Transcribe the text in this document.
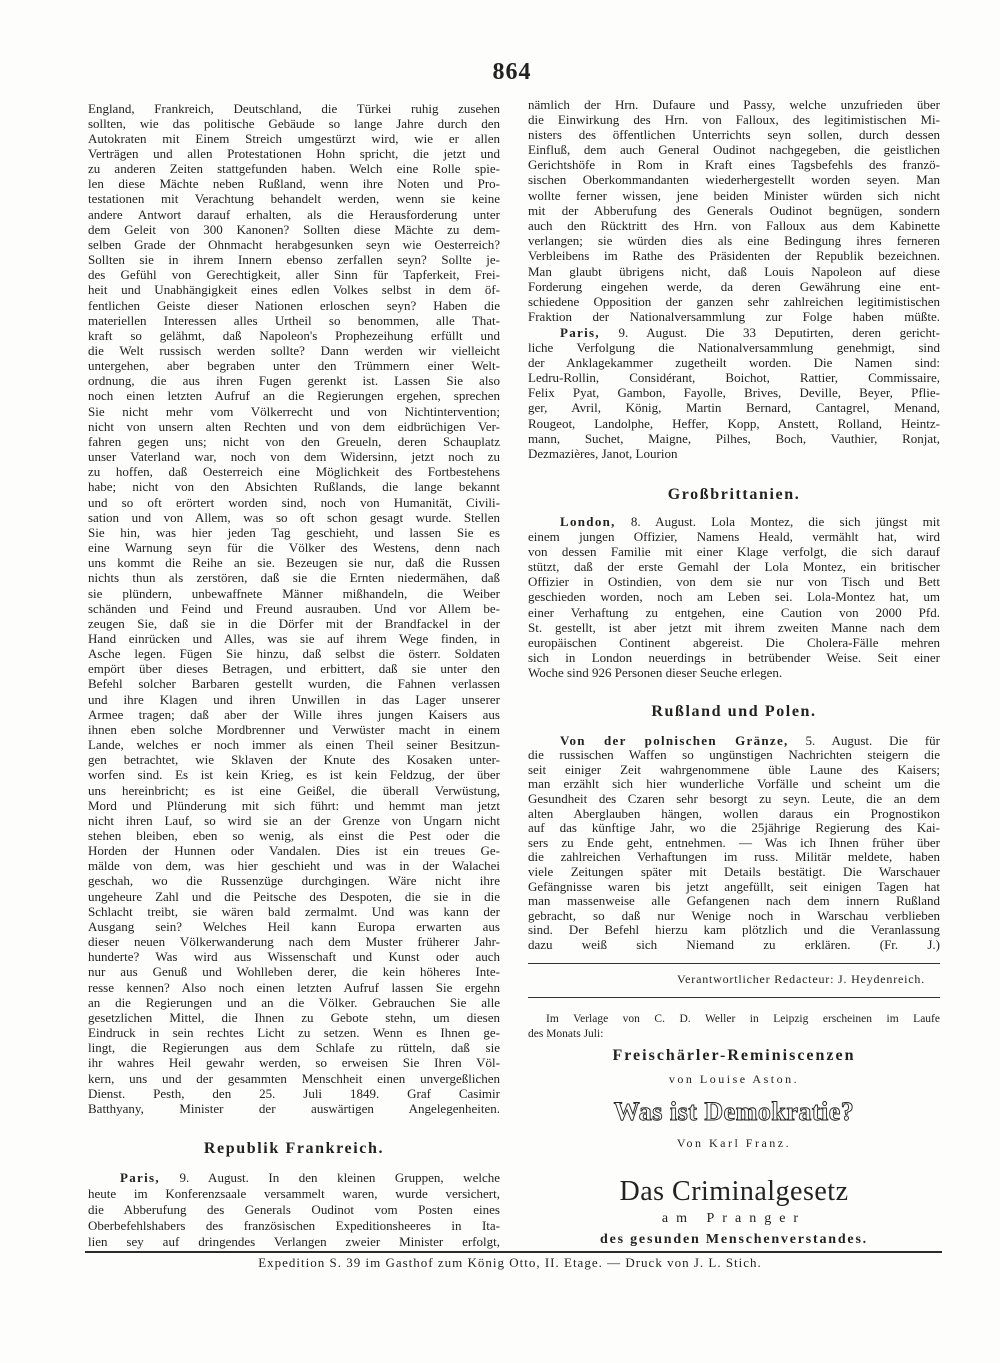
864
England, Frankreich, Deutschland, die Türkei ruhig zusehen
sollten, wie das politische Gebäude so lange Jahre durch den
Autokraten mit Einem Streich umgestürzt wird, wie er allen
Verträgen und allen Protestationen Hohn spricht, die jetzt und
zu anderen Zeiten stattgefunden haben. Welch eine Rolle spie-
len diese Mächte neben Rußland, wenn ihre Noten und Pro-
testationen mit Verachtung behandelt werden, wenn sie keine
andere Antwort darauf erhalten, als die Herausforderung unter
dem Geleit von 300 Kanonen? Sollten diese Mächte zu dem-
selben Grade der Ohnmacht herabgesunken seyn wie Oesterreich?
Sollten sie in ihrem Innern ebenso zerfallen seyn? Sollte je-
des Gefühl von Gerechtigkeit, aller Sinn für Tapferkeit, Frei-
heit und Unabhängigkeit eines edlen Volkes selbst in dem öf-
fentlichen Geiste dieser Nationen erloschen seyn? Haben die
materiellen Interessen alles Urtheil so benommen, alle That-
kraft so gelähmt, daß Napoleon's Prophezeihung erfüllt und
die Welt russisch werden sollte? Dann werden wir vielleicht
untergehen, aber begraben unter den Trümmern einer Welt-
ordnung, die aus ihren Fugen gerenkt ist. Lassen Sie also
noch einen letzten Aufruf an die Regierungen ergehen, sprechen
Sie nicht mehr vom Völkerrecht und von Nichtintervention;
nicht von unsern alten Rechten und von dem eidbrüchigen Ver-
fahren gegen uns; nicht von den Greueln, deren Schauplatz
unser Vaterland war, noch von dem Widersinn, jetzt noch zu
zu hoffen, daß Oesterreich eine Möglichkeit des Fortbestehens
habe; nicht von den Absichten Rußlands, die lange bekannt
und so oft erörtert worden sind, noch von Humanität, Civili-
sation und von Allem, was so oft schon gesagt wurde. Stellen
Sie hin, was hier jeden Tag geschieht, und lassen Sie es
eine Warnung seyn für die Völker des Westens, denn nach
uns kommt die Reihe an sie. Bezeugen sie nur, daß die Russen
nichts thun als zerstören, daß sie die Ernten niedermähen, daß
sie plündern, unbewaffnete Männer mißhandeln, die Weiber
schänden und Feind und Freund ausrauben. Und vor Allem be-
zeugen Sie, daß sie in die Dörfer mit der Brandfackel in der
Hand einrücken und Alles, was sie auf ihrem Wege finden, in
Asche legen. Fügen Sie hinzu, daß selbst die österr. Soldaten
empört über dieses Betragen, und erbittert, daß sie unter den
Befehl solcher Barbaren gestellt wurden, die Fahnen verlassen
und ihre Klagen und ihren Unwillen in das Lager unserer
Armee tragen; daß aber der Wille ihres jungen Kaisers aus
ihnen eben solche Mordbrenner und Verwüster macht in einem
Lande, welches er noch immer als einen Theil seiner Besitzun-
gen betrachtet, wie Sklaven der Knute des Kosaken unter-
worfen sind. Es ist kein Krieg, es ist kein Feldzug, der über
uns hereinbricht; es ist eine Geißel, die überall Verwüstung,
Mord und Plünderung mit sich führt: und hemmt man jetzt
nicht ihren Lauf, so wird sie an der Grenze von Ungarn nicht
stehen bleiben, eben so wenig, als einst die Pest oder die
Horden der Hunnen oder Vandalen. Dies ist ein treues Ge-
mälde von dem, was hier geschieht und was in der Walachei
geschah, wo die Russenzüge durchgingen. Wäre nicht ihre
ungeheure Zahl und die Peitsche des Despoten, die sie in die
Schlacht treibt, sie wären bald zermalmt. Und was kann der
Ausgang sein? Welches Heil kann Europa erwarten aus
dieser neuen Völkerwanderung nach dem Muster früherer Jahr-
hunderte? Was wird aus Wissenschaft und Kunst oder auch
nur aus Genuß und Wohlleben derer, die kein höheres Inte-
resse kennen? Also noch einen letzten Aufruf lassen Sie ergehn
an die Regierungen und an die Völker. Gebrauchen Sie alle
gesetzlichen Mittel, die Ihnen zu Gebote stehn, um diesen
Eindruck in sein rechtes Licht zu setzen. Wenn es Ihnen ge-
lingt, die Regierungen aus dem Schlafe zu rütteln, daß sie
ihr wahres Heil gewahr werden, so erweisen Sie Ihren Völ-
kern, uns und der gesammten Menschheit einen unvergeßlichen
Dienst. Pesth, den 25. Juli 1849. Graf Casimir
Batthyany, Minister der auswärtigen Angelegenheiten.
Republik Frankreich.
Paris, 9. August. In den kleinen Gruppen, welche
heute im Konferenzsaale versammelt waren, wurde versichert,
die Abberufung des Generals Oudinot vom Posten eines
Oberbefehlshabers des französischen Expeditionsheeres in Ita-
lien sey auf dringendes Verlangen zweier Minister erfolgt,
nämlich der Hrn. Dufaure und Passy, welche unzufrieden über
die Einwirkung des Hrn. von Falloux, des legitimistischen Mi-
nisters des öffentlichen Unterrichts seyn sollen, durch dessen
Einfluß, dem auch General Oudinot nachgegeben, die geistlichen
Gerichtshöfe in Rom in Kraft eines Tagsbefehls des franzö-
sischen Oberkommandanten wiederhergestellt worden seyen. Man
wollte ferner wissen, jene beiden Minister würden sich nicht
mit der Abberufung des Generals Oudinot begnügen, sondern
auch den Rücktritt des Hrn. von Falloux aus dem Kabinette
verlangen; sie würden dies als eine Bedingung ihres ferneren
Verbleibens im Rathe des Präsidenten der Republik bezeichnen.
Man glaubt übrigens nicht, daß Louis Napoleon auf diese
Forderung eingehen werde, da deren Gewährung eine ent-
schiedene Opposition der ganzen sehr zahlreichen legitimistischen
Fraktion der Nationalversammlung zur Folge haben müßte.
Paris, 9. August. Die 33 Deputirten, deren gericht-
liche Verfolgung die Nationalversammlung genehmigt, sind
der Anklagekammer zugetheilt worden. Die Namen sind:
Ledru-Rollin, Considérant, Boichot, Rattier, Commissaire,
Felix Pyat, Gambon, Fayolle, Brives, Deville, Beyer, Pflie-
ger, Avril, König, Martin Bernard, Cantagrel, Menand,
Rougeot, Landolphe, Heffer, Kopp, Anstett, Rolland, Heintz-
mann, Suchet, Maigne, Pilhes, Boch, Vauthier, Ronjat,
Dezmazières, Janot, Lourion
Großbrittanien.
London, 8. August. Lola Montez, die sich jüngst mit
einem jungen Offizier, Namens Heald, vermählt hat, wird
von dessen Familie mit einer Klage verfolgt, die sich darauf
stützt, daß der erste Gemahl der Lola Montez, ein britischer
Offizier in Ostindien, von dem sie nur von Tisch und Bett
geschieden worden, noch am Leben sei. Lola-Montez hat, um
einer Verhaftung zu entgehen, eine Caution von 2000 Pfd.
St. gestellt, ist aber jetzt mit ihrem zweiten Manne nach dem
europäischen Continent abgereist. Die Cholera-Fälle mehren
sich in London neuerdings in betrübender Weise. Seit einer
Woche sind 926 Personen dieser Seuche erlegen.
Rußland und Polen.
Von der polnischen Gränze, 5. August. Die für
die russischen Waffen so ungünstigen Nachrichten steigern die
seit einiger Zeit wahrgenommene üble Laune des Kaisers;
man erzählt sich hier wunderliche Vorfälle und scheint um die
Gesundheit des Czaren sehr besorgt zu seyn. Leute, die an dem
alten Aberglauben hängen, wollen daraus ein Prognostikon
auf das künftige Jahr, wo die 25jährige Regierung des Kai-
sers zu Ende geht, entnehmen. — Was ich Ihnen früher über
die zahlreichen Verhaftungen im russ. Militär meldete, haben
viele Zeitungen später mit Details bestätigt. Die Warschauer
Gefängnisse waren bis jetzt angefüllt, seit einigen Tagen hat
man massenweise alle Gefangenen nach dem innern Rußland
gebracht, so daß nur Wenige noch in Warschau verblieben
sind. Der Befehl hierzu kam plötzlich und die Veranlassung
dazu weiß sich Niemand zu erklären. (Fr. J.)
Verantwortlicher Redacteur: J. Heydenreich.
Im Verlage von C. D. Weller in Leipzig erscheinen im Laufe
des Monats Juli:
Freischärler-Reminiscenzen
von Louise Aston.
Was ist Demokratie?
Von Karl Franz.
Das Criminalgesetz
am Pranger
des gesunden Menschenverstandes.
Expedition S. 39 im Gasthof zum König Otto, II. Etage. — Druck von J. L. Stich.
